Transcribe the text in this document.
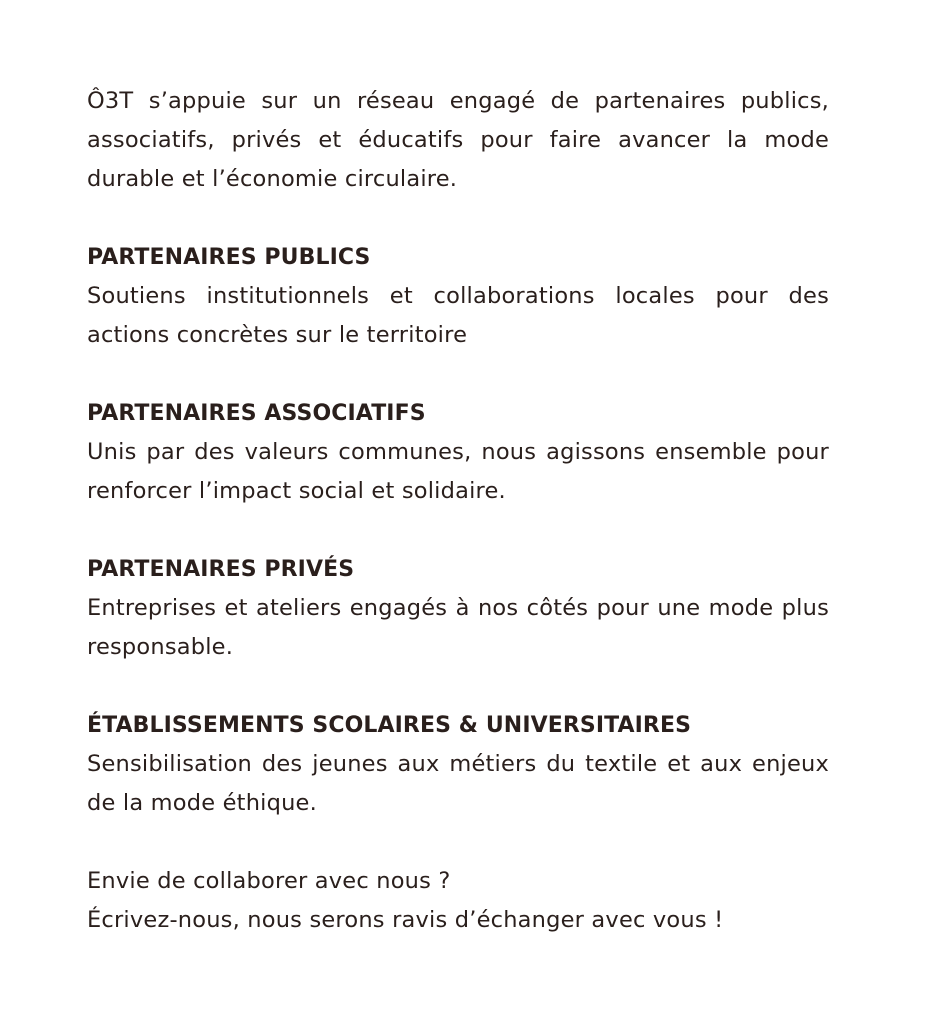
Ô3T s’appuie sur un réseau engagé de partenaires publics, associatifs, privés et éducatifs pour faire avancer la mode durable et l’économie circulaire.

PARTENAIRES PUBLICS

Soutiens institutionnels et collaborations locales pour des actions concrètes sur le territoire

PARTENAIRES ASSOCIATIFS

Unis par des valeurs communes, nous agissons ensemble pour renforcer l’impact social et solidaire.

PARTENAIRES PRIVÉS

Entreprises et ateliers engagés à nos côtés pour une mode plus responsable.

ÉTABLISSEMENTS SCOLAIRES & UNIVERSITAIRES

Sensibilisation des jeunes aux métiers du textile et aux enjeux de la mode éthique.

Envie de collaborer avec nous ?

Écrivez-nous, nous serons ravis d’échanger avec vous !
